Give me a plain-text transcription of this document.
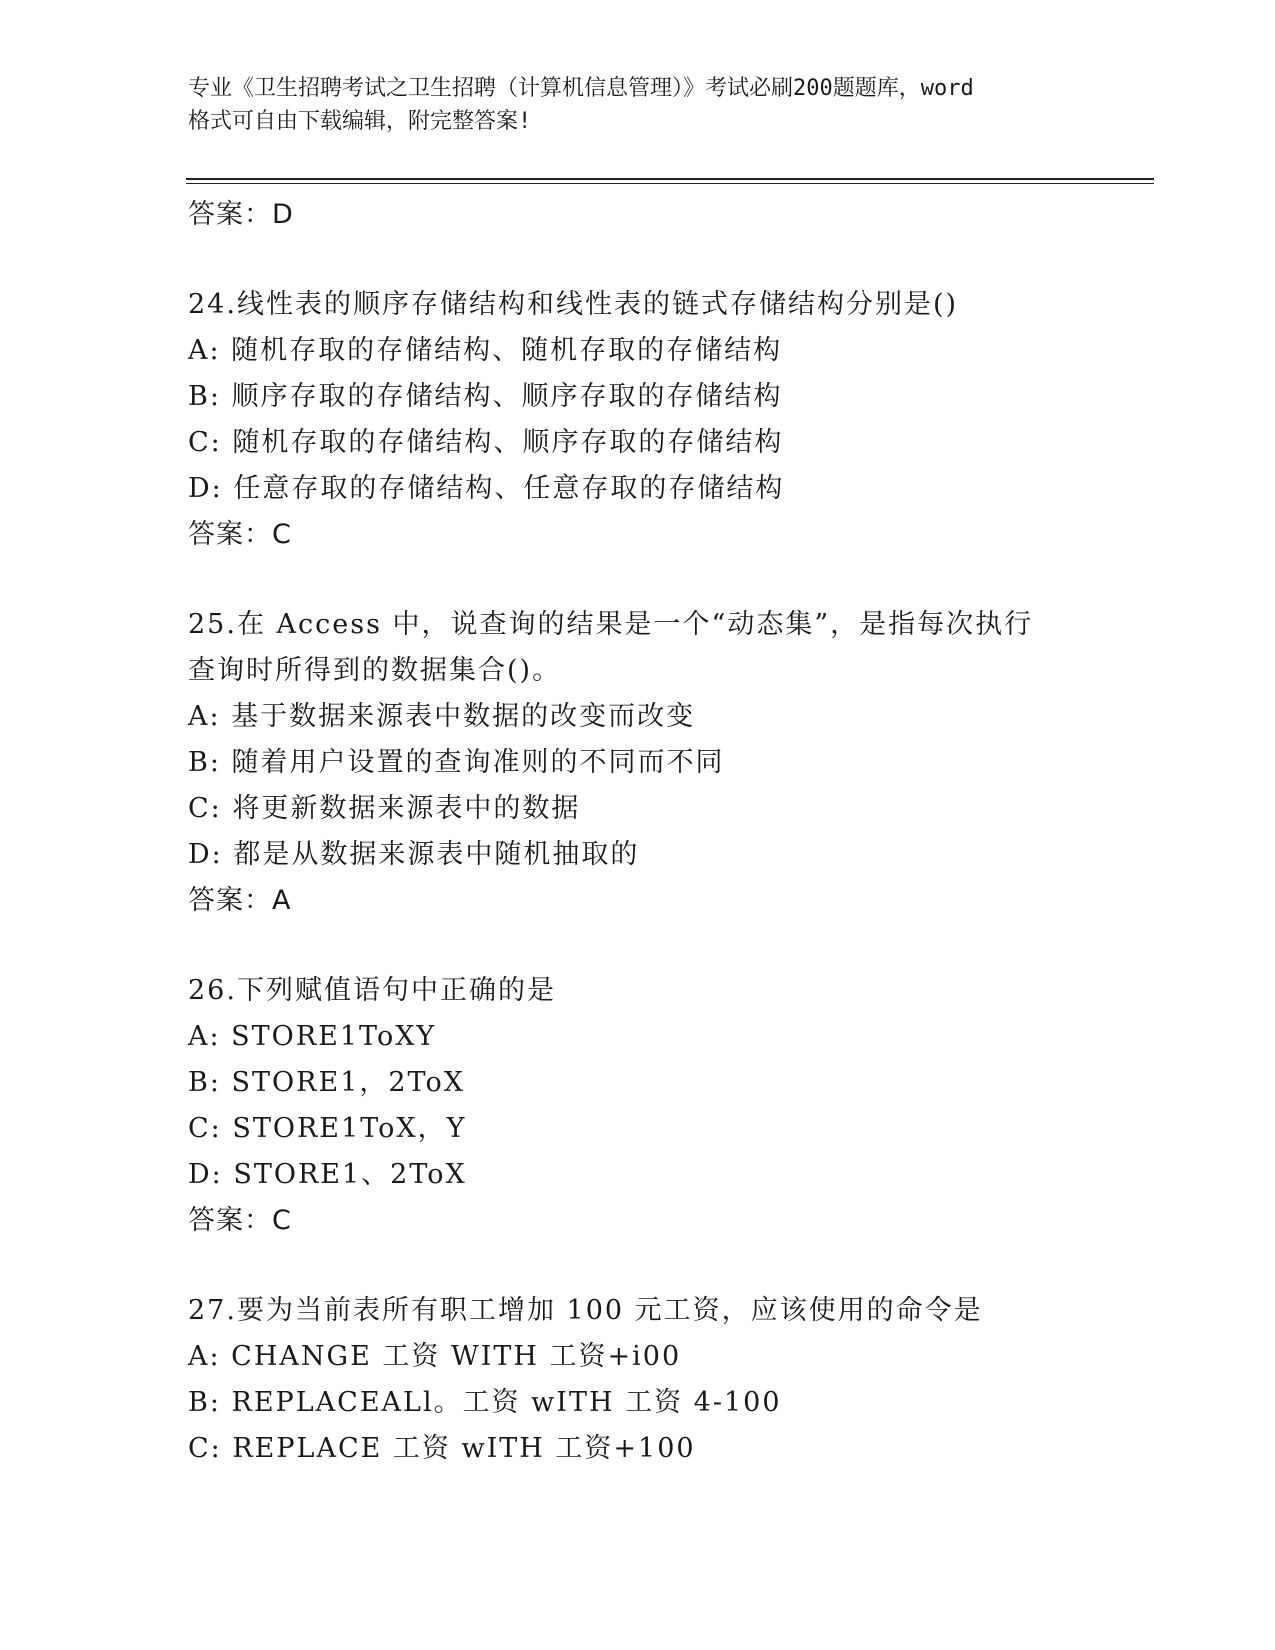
专业《卫生招聘考试之卫生招聘（计算机信息管理）》考试必刷200题题库，word
格式可自由下载编辑，附完整答案!
答案：D
24.线性表的顺序存储结构和线性表的链式存储结构分别是()
A: 随机存取的存储结构、随机存取的存储结构
B: 顺序存取的存储结构、顺序存取的存储结构
C: 随机存取的存储结构、顺序存取的存储结构
D: 任意存取的存储结构、任意存取的存储结构
答案：C
25.在 Access 中，说查询的结果是一个“动态集”，是指每次执行查询时所得到的数据集合()。
A: 基于数据来源表中数据的改变而改变
B: 随着用户设置的查询准则的不同而不同
C: 将更新数据来源表中的数据
D: 都是从数据来源表中随机抽取的
答案：A
26.下列赋值语句中正确的是
A: STORE1ToXY
B: STORE1，2ToX
C: STORE1ToX，Y
D: STORE1、2ToX
答案：C
27.要为当前表所有职工增加 100 元工资，应该使用的命令是
A: CHANGE 工资 WITH 工资+i00
B: REPLACEALl。工资 wITH 工资 4-100
C: REPLACE 工资 wITH 工资+100
